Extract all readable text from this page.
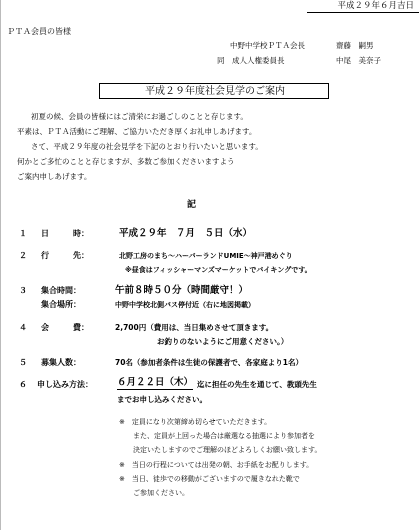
平成２９年６月吉日
ＰＴＡ会員の皆様
中野中学校ＰＴＡ会長	齋藤　嗣男
同　成人人権委員長	中尾　美奈子
平成２９年度社会見学のご案内
初夏の候、会員の皆様にはご清栄にお過ごしのことと存じます。
平素は、ＰＴＡ活動にご理解、ご協力いただき厚くお礼申しあげます。
さて、平成２９年度の社会見学を下記のとおり行いたいと思います。
何かとご多忙のことと存じますが、多数ご参加くださいますよう
ご案内申しあげます。
記
１ 日　　　時：	平成２９年　７月　５日（水）
２ 行　　　先：	北野工房のまち～ハーバーランドUMIE～神戸港めぐり
※昼食はフィッシャーマンズマーケットでバイキングです。
３ 集合時間：	午前８時５０分（時間厳守！）
集合場所：	中野中学校北側バス停付近（右に地図掲載）
４ 会　　　費：	2,700円（費用は、当日集めさせて頂きます。
お釣りのないようにご用意ください。）
５ 募集人数：	70名（参加者条件は生徒の保護者で、各家庭より1名）
６ 申し込み方法：	６月２２日（木） 迄に担任の先生を通じて、教頭先生
までお申し込みください。
※　定員になり次第締め切らせていただきます。
　　また、定員が上回った場合は厳選なる抽選により参加者を
　　決定いたしますのでご理解のほどよろしくお願い致します。
※　当日の行程については出発の朝、お手紙をお配りします。
※　当日、徒歩での移動がございますので履きなれた靴で
　　ご参加ください。
